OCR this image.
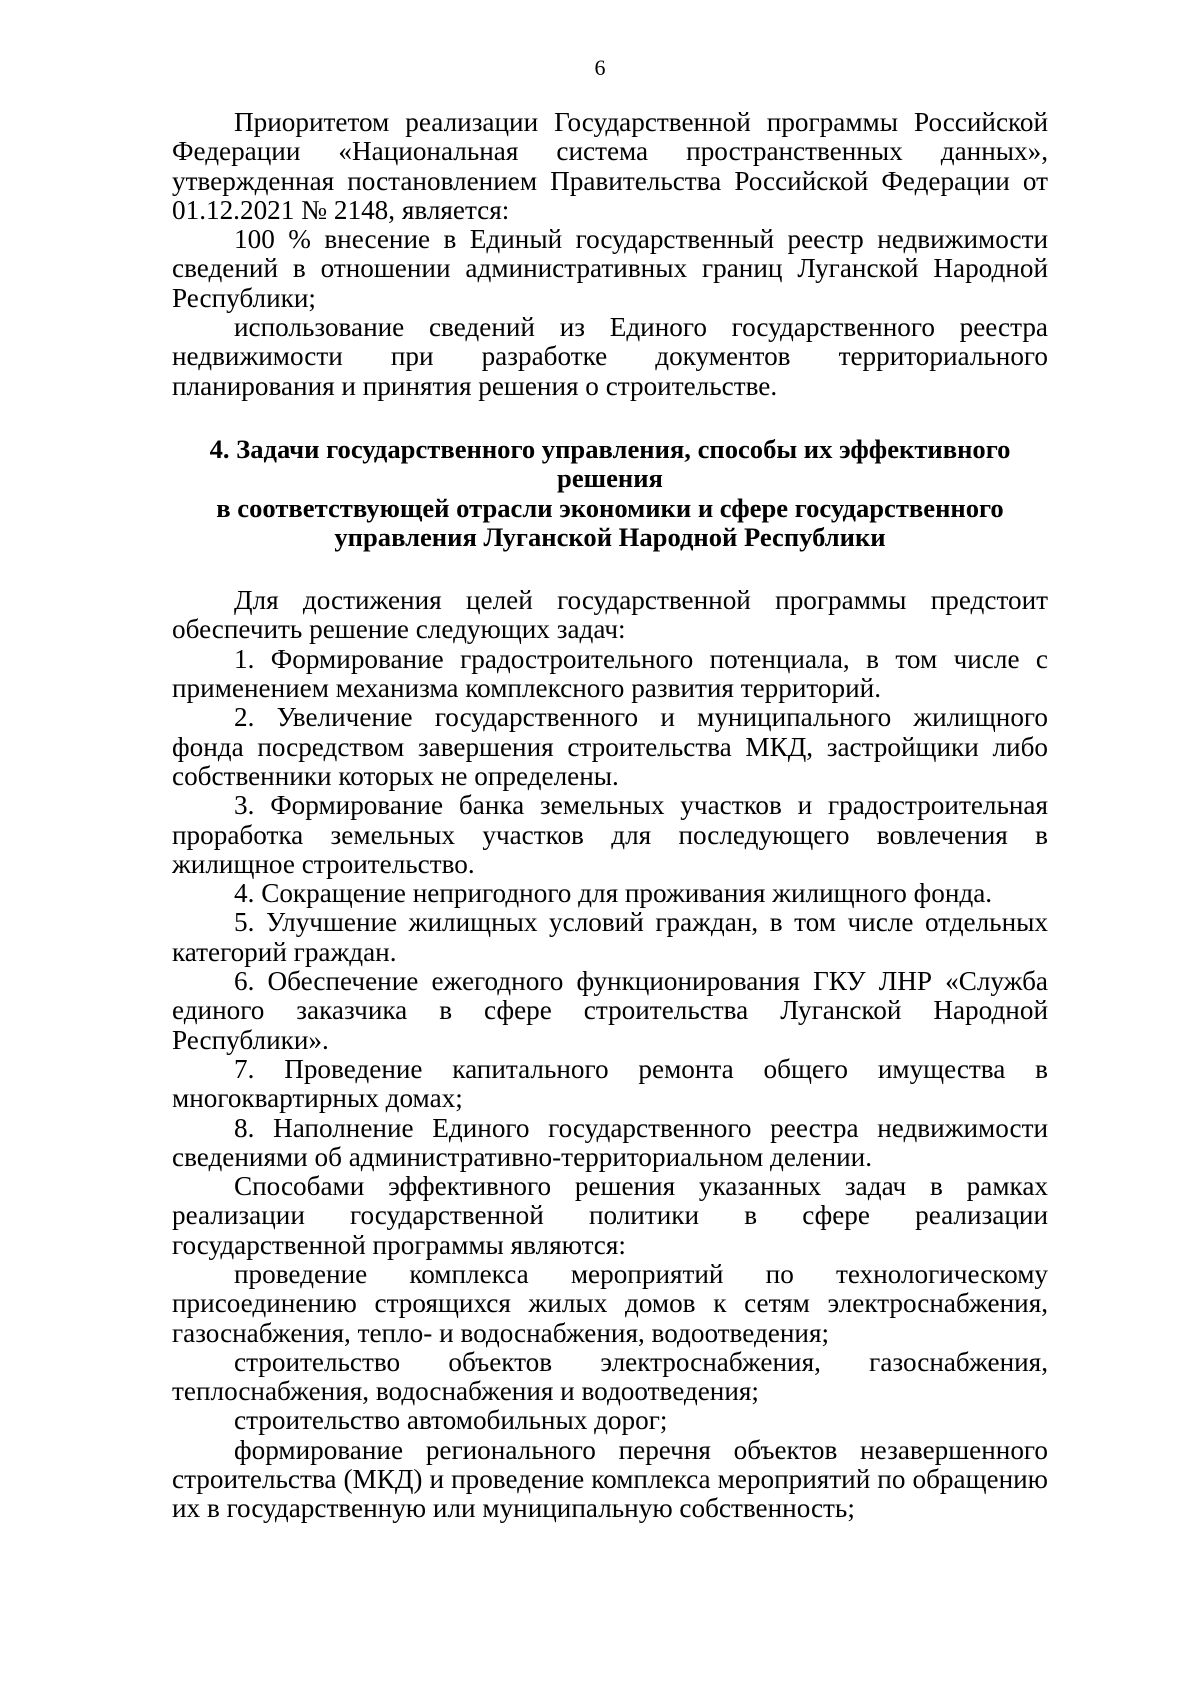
6

Приоритетом реализации Государственной программы Российской Федерации «Национальная система пространственных данных», утвержденная постановлением Правительства Российской Федерации от 01.12.2021 № 2148, является:

100 % внесение в Единый государственный реестр недвижимости сведений в отношении административных границ Луганской Народной Республики;

использование сведений из Единого государственного реестра недвижимости при разработке документов территориального планирования и принятия решения о строительстве.

4. Задачи государственного управления, способы их эффективного решения
в соответствующей отрасли экономики и сфере государственного
управления Луганской Народной Республики

Для достижения целей государственной программы предстоит обеспечить решение следующих задач:

1. Формирование градостроительного потенциала, в том числе с применением механизма комплексного развития территорий.

2. Увеличение государственного и муниципального жилищного фонда посредством завершения строительства МКД, застройщики либо собственники которых не определены.

3. Формирование банка земельных участков и градостроительная проработка земельных участков для последующего вовлечения в жилищное строительство.

4. Сокращение непригодного для проживания жилищного фонда.

5. Улучшение жилищных условий граждан, в том числе отдельных категорий граждан.

6. Обеспечение ежегодного функционирования ГКУ ЛНР «Служба единого заказчика в сфере строительства Луганской Народной Республики».

7. Проведение капитального ремонта общего имущества в многоквартирных домах;

8. Наполнение Единого государственного реестра недвижимости сведениями об административно-территориальном делении.

Способами эффективного решения указанных задач в рамках реализации государственной политики в сфере реализации государственной программы являются:

проведение комплекса мероприятий по технологическому присоединению строящихся жилых домов к сетям электроснабжения, газоснабжения, тепло- и водоснабжения, водоотведения;

строительство объектов электроснабжения, газоснабжения, теплоснабжения, водоснабжения и водоотведения;

строительство автомобильных дорог;

формирование регионального перечня объектов незавершенного строительства (МКД) и проведение комплекса мероприятий по обращению их в государственную или муниципальную собственность;
